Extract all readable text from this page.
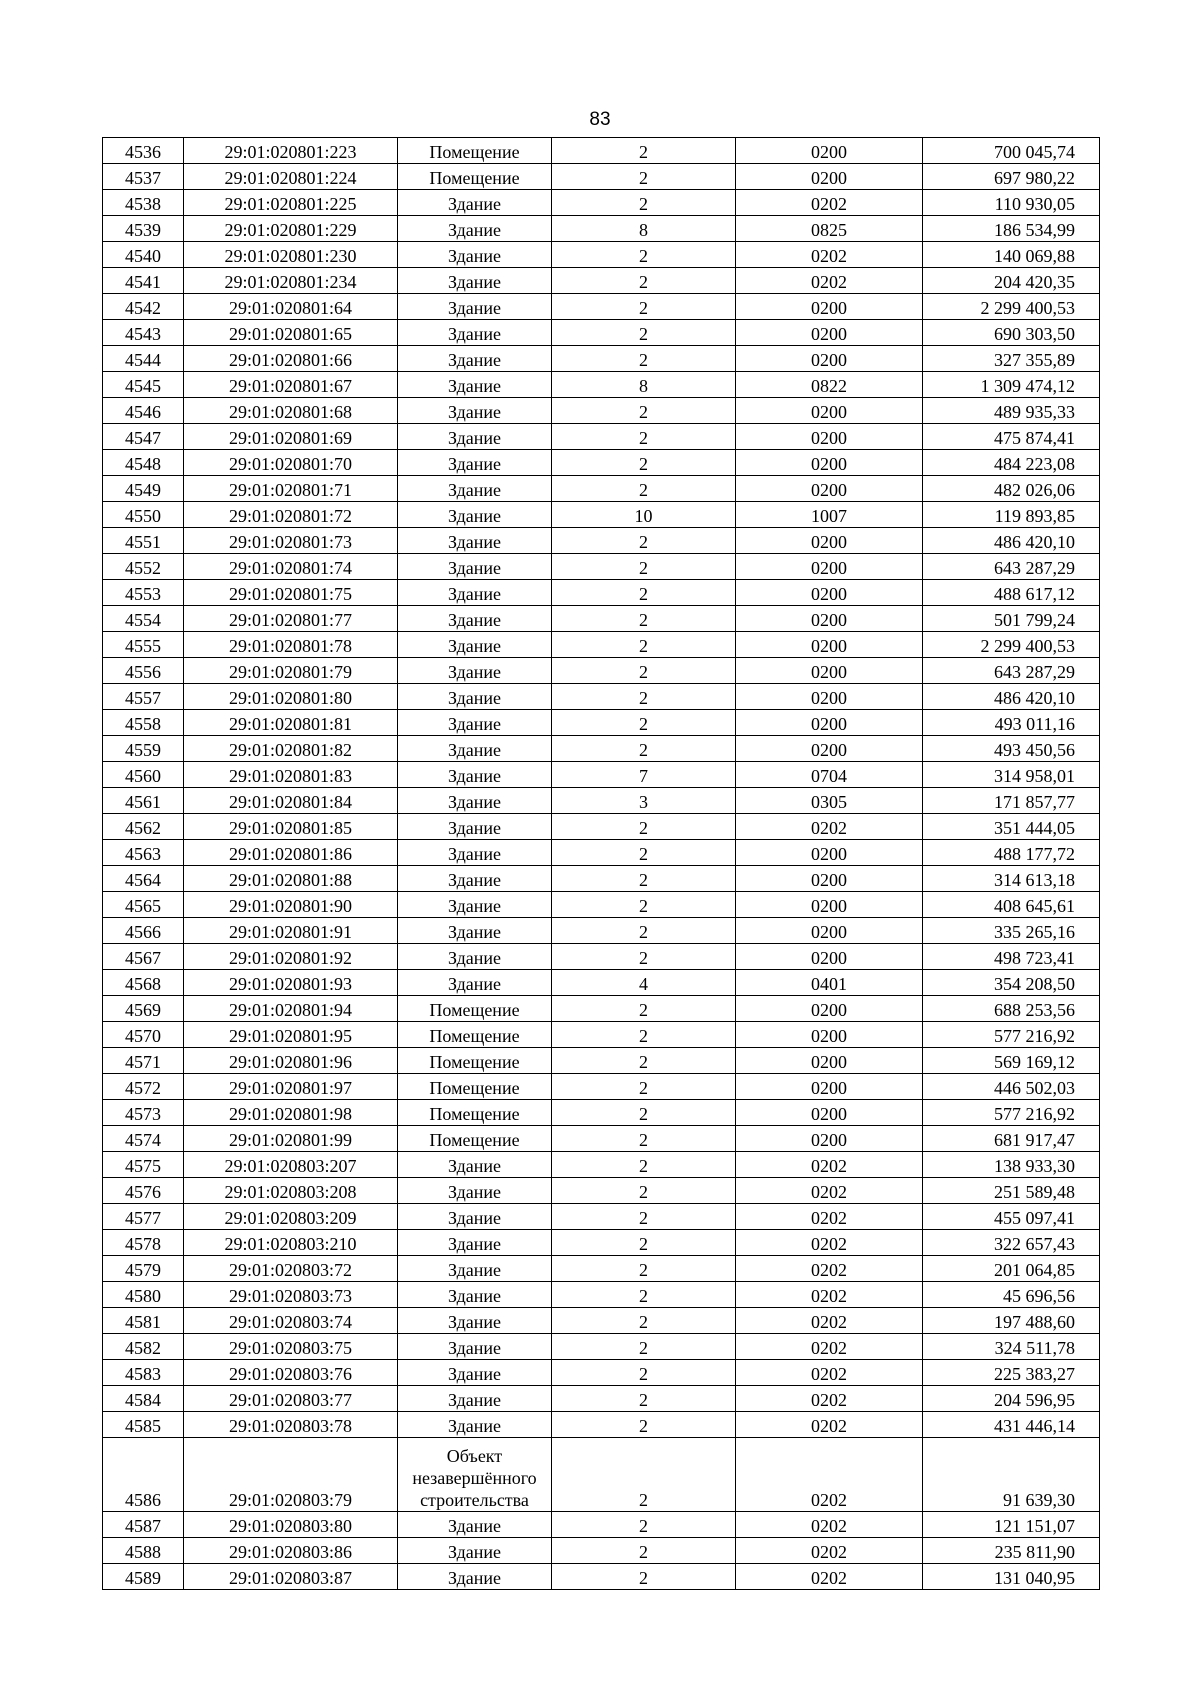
83
4536	29:01:020801:223	Помещение	2	0200	700 045,74
4537	29:01:020801:224	Помещение	2	0200	697 980,22
4538	29:01:020801:225	Здание	2	0202	110 930,05
4539	29:01:020801:229	Здание	8	0825	186 534,99
4540	29:01:020801:230	Здание	2	0202	140 069,88
4541	29:01:020801:234	Здание	2	0202	204 420,35
4542	29:01:020801:64	Здание	2	0200	2 299 400,53
4543	29:01:020801:65	Здание	2	0200	690 303,50
4544	29:01:020801:66	Здание	2	0200	327 355,89
4545	29:01:020801:67	Здание	8	0822	1 309 474,12
4546	29:01:020801:68	Здание	2	0200	489 935,33
4547	29:01:020801:69	Здание	2	0200	475 874,41
4548	29:01:020801:70	Здание	2	0200	484 223,08
4549	29:01:020801:71	Здание	2	0200	482 026,06
4550	29:01:020801:72	Здание	10	1007	119 893,85
4551	29:01:020801:73	Здание	2	0200	486 420,10
4552	29:01:020801:74	Здание	2	0200	643 287,29
4553	29:01:020801:75	Здание	2	0200	488 617,12
4554	29:01:020801:77	Здание	2	0200	501 799,24
4555	29:01:020801:78	Здание	2	0200	2 299 400,53
4556	29:01:020801:79	Здание	2	0200	643 287,29
4557	29:01:020801:80	Здание	2	0200	486 420,10
4558	29:01:020801:81	Здание	2	0200	493 011,16
4559	29:01:020801:82	Здание	2	0200	493 450,56
4560	29:01:020801:83	Здание	7	0704	314 958,01
4561	29:01:020801:84	Здание	3	0305	171 857,77
4562	29:01:020801:85	Здание	2	0202	351 444,05
4563	29:01:020801:86	Здание	2	0200	488 177,72
4564	29:01:020801:88	Здание	2	0200	314 613,18
4565	29:01:020801:90	Здание	2	0200	408 645,61
4566	29:01:020801:91	Здание	2	0200	335 265,16
4567	29:01:020801:92	Здание	2	0200	498 723,41
4568	29:01:020801:93	Здание	4	0401	354 208,50
4569	29:01:020801:94	Помещение	2	0200	688 253,56
4570	29:01:020801:95	Помещение	2	0200	577 216,92
4571	29:01:020801:96	Помещение	2	0200	569 169,12
4572	29:01:020801:97	Помещение	2	0200	446 502,03
4573	29:01:020801:98	Помещение	2	0200	577 216,92
4574	29:01:020801:99	Помещение	2	0200	681 917,47
4575	29:01:020803:207	Здание	2	0202	138 933,30
4576	29:01:020803:208	Здание	2	0202	251 589,48
4577	29:01:020803:209	Здание	2	0202	455 097,41
4578	29:01:020803:210	Здание	2	0202	322 657,43
4579	29:01:020803:72	Здание	2	0202	201 064,85
4580	29:01:020803:73	Здание	2	0202	45 696,56
4581	29:01:020803:74	Здание	2	0202	197 488,60
4582	29:01:020803:75	Здание	2	0202	324 511,78
4583	29:01:020803:76	Здание	2	0202	225 383,27
4584	29:01:020803:77	Здание	2	0202	204 596,95
4585	29:01:020803:78	Здание	2	0202	431 446,14
4586	29:01:020803:79	Объект незавершённого строительства	2	0202	91 639,30
4587	29:01:020803:80	Здание	2	0202	121 151,07
4588	29:01:020803:86	Здание	2	0202	235 811,90
4589	29:01:020803:87	Здание	2	0202	131 040,95
